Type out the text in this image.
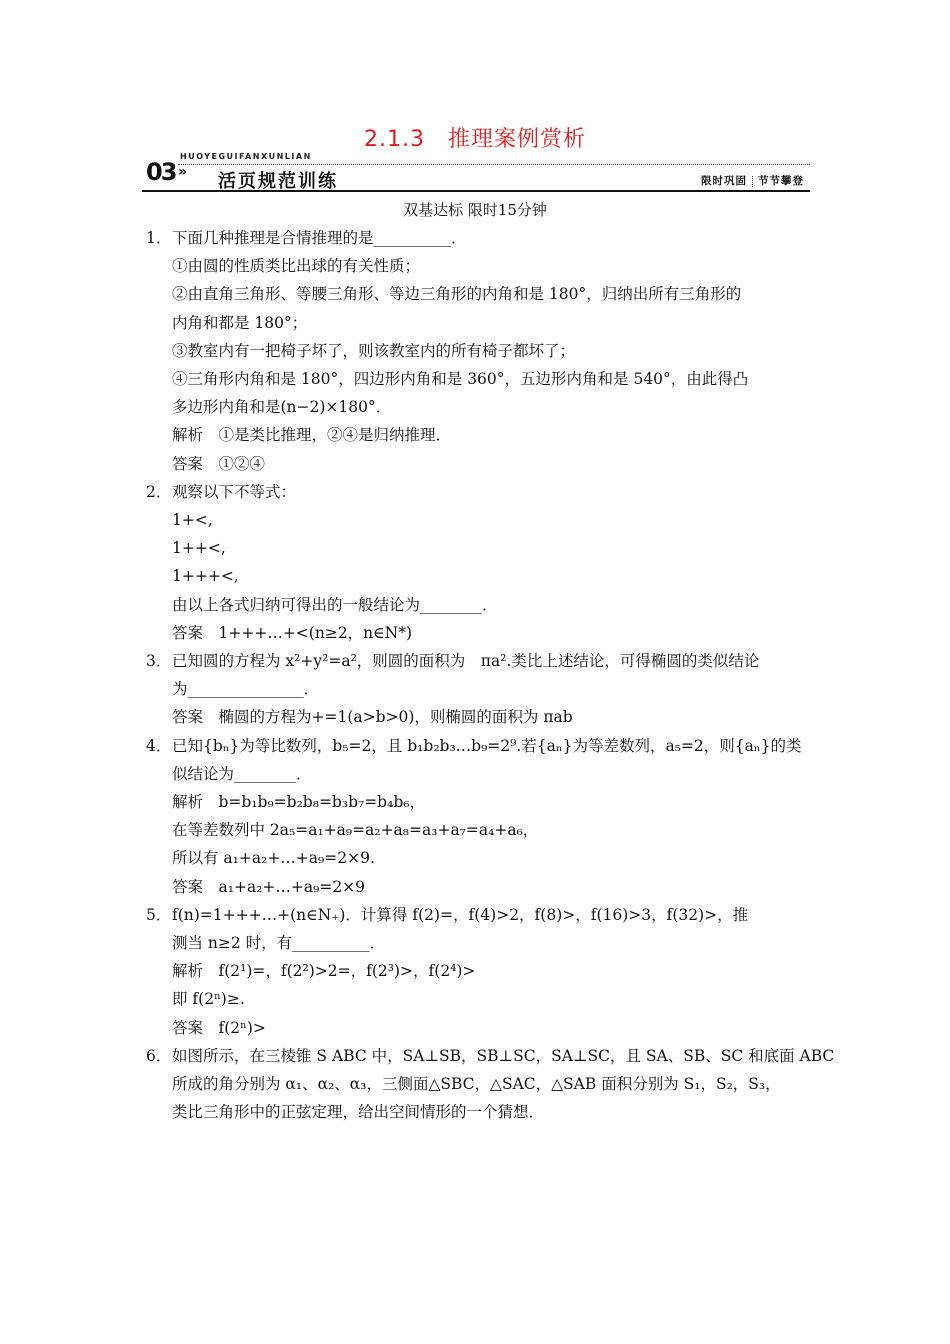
2.1.3　推理案例赏析
03
HUOYEGUIFANXUNLIAN
» 活页规范训练	限时巩固 节节攀登
双基达标 限时15分钟
1．下面几种推理是合情推理的是__________．
①由圆的性质类比出球的有关性质；
②由直角三角形、等腰三角形、等边三角形的内角和是 180°，归纳出所有三角形的
内角和都是 180°；
③教室内有一把椅子坏了，则该教室内的所有椅子都坏了；
④三角形内角和是 180°，四边形内角和是 360°，五边形内角和是 540°，由此得凸
多边形内角和是(n−2)×180°．
解析　①是类比推理，②④是归纳推理．
答案　①②④
2．观察以下不等式：
1+<,
1++<,
1+++<,
由以上各式归纳可得出的一般结论为________．
答案　1+++…+<(n≥2，n∈N*)
3．已知圆的方程为 x²+y²=a²，则圆的面积为　πa².类比上述结论，可得椭圆的类似结论
为_______________．
答案　椭圆的方程为+=1(a>b>0)，则椭圆的面积为 πab
4．已知{bₙ}为等比数列，b₅=2，且 b₁b₂b₃…b₉=2⁹.若{aₙ}为等差数列，a₅=2，则{aₙ}的类
似结论为________．
解析　b=b₁b₉=b₂b₈=b₃b₇=b₄b₆，
在等差数列中 2a₅=a₁+a₉=a₂+a₈=a₃+a₇=a₄+a₆，
所以有 a₁+a₂+…+a₉=2×9.
答案　a₁+a₂+…+a₉=2×9
5．f(n)=1+++…+(n∈N₊)．计算得 f(2)=，f(4)>2，f(8)>，f(16)>3，f(32)>，推
测当 n≥2 时，有__________．
解析　f(2¹)=，f(2²)>2=，f(2³)>，f(2⁴)>
即 f(2ⁿ)≥.
答案　f(2ⁿ)>
6．如图所示，在三棱锥 S ABC 中，SA⊥SB，SB⊥SC，SA⊥SC，且 SA、SB、SC 和底面 ABC
所成的角分别为 α₁、α₂、α₃，三侧面△SBC，△SAC，△SAB 面积分别为 S₁，S₂，S₃，
类比三角形中的正弦定理，给出空间情形的一个猜想．
